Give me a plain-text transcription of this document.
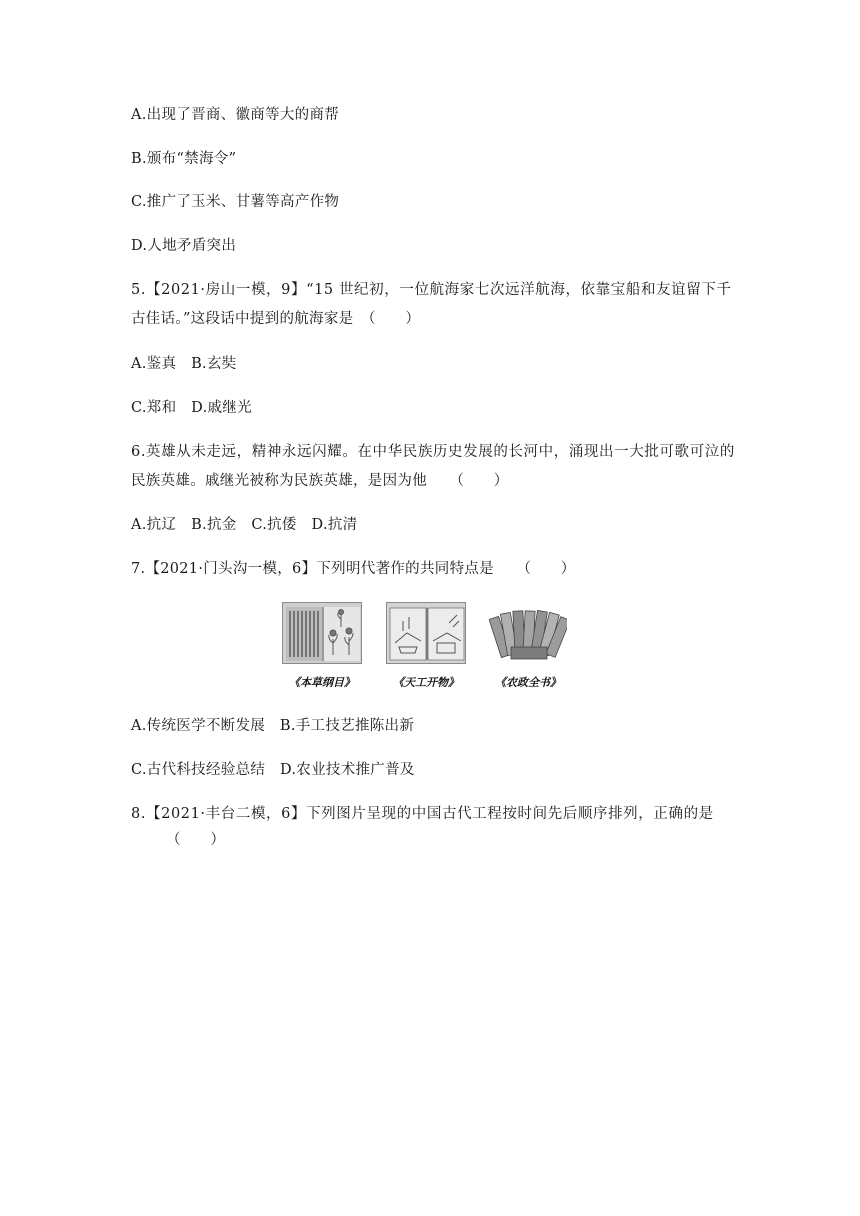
A.出现了晋商、徽商等大的商帮
B.颁布“禁海令”
C.推广了玉米、甘薯等高产作物
D.人地矛盾突出
5.【2021·房山一模，9】“15 世纪初，一位航海家七次远洋航海，依靠宝船和友谊留下千
古佳话。”这段话中提到的航海家是　（　　）
A.鉴真　B.玄奘
C.郑和　D.戚继光
6.英雄从未走远，精神永远闪耀。在中华民族历史发展的长河中，涌现出一大批可歌可泣的
民族英雄。戚继光被称为民族英雄，是因为他　　（　　）
A.抗辽　B.抗金　C.抗倭　D.抗清
7.【2021·门头沟一模，6】下列明代著作的共同特点是　　（　　）
《本草纲目》	《天工开物》	《农政全书》
A.传统医学不断发展　B.手工技艺推陈出新
C.古代科技经验总结　D.农业技术推广普及
8.【2021·丰台二模，6】下列图片呈现的中国古代工程按时间先后顺序排列，正确的是
（　　）
